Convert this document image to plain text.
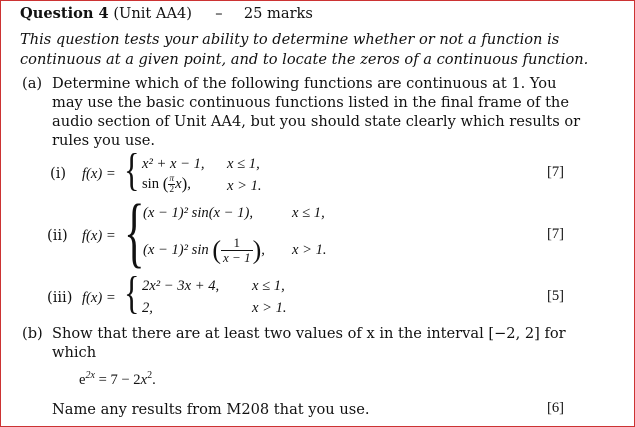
Question 4 (Unit AA4) – 25 marks
This question tests your ability to determine whether or not a function is
continuous at a given point, and to locate the zeros of a continuous function.
(a) Determine which of the following functions are continuous at 1. You
may use the basic continuous functions listed in the final frame of the
audio section of Unit AA4, but you should state clearly which results or
rules you use.
(i) f(x) = { x² + x − 1, x ≤ 1,
sin ( $\frac{\pi}{2} x$), x > 1.
[7]
(ii) f(x) = {
(x − 1)² sin(x − 1),	x ≤ 1,
(x − 1)² sin ( $\frac{1}{x - 1}$ ), x > 1.
[7]
(iii) f(x) = { 2x² − 3x + 4, x ≤ 1,
2,	x > 1.
[5]
(b) Show that there are at least two values of x in the interval [−2, 2] for
which
$e^{2x} = 7 - 2x^2$.
Name any results from M208 that you use.	[6]
